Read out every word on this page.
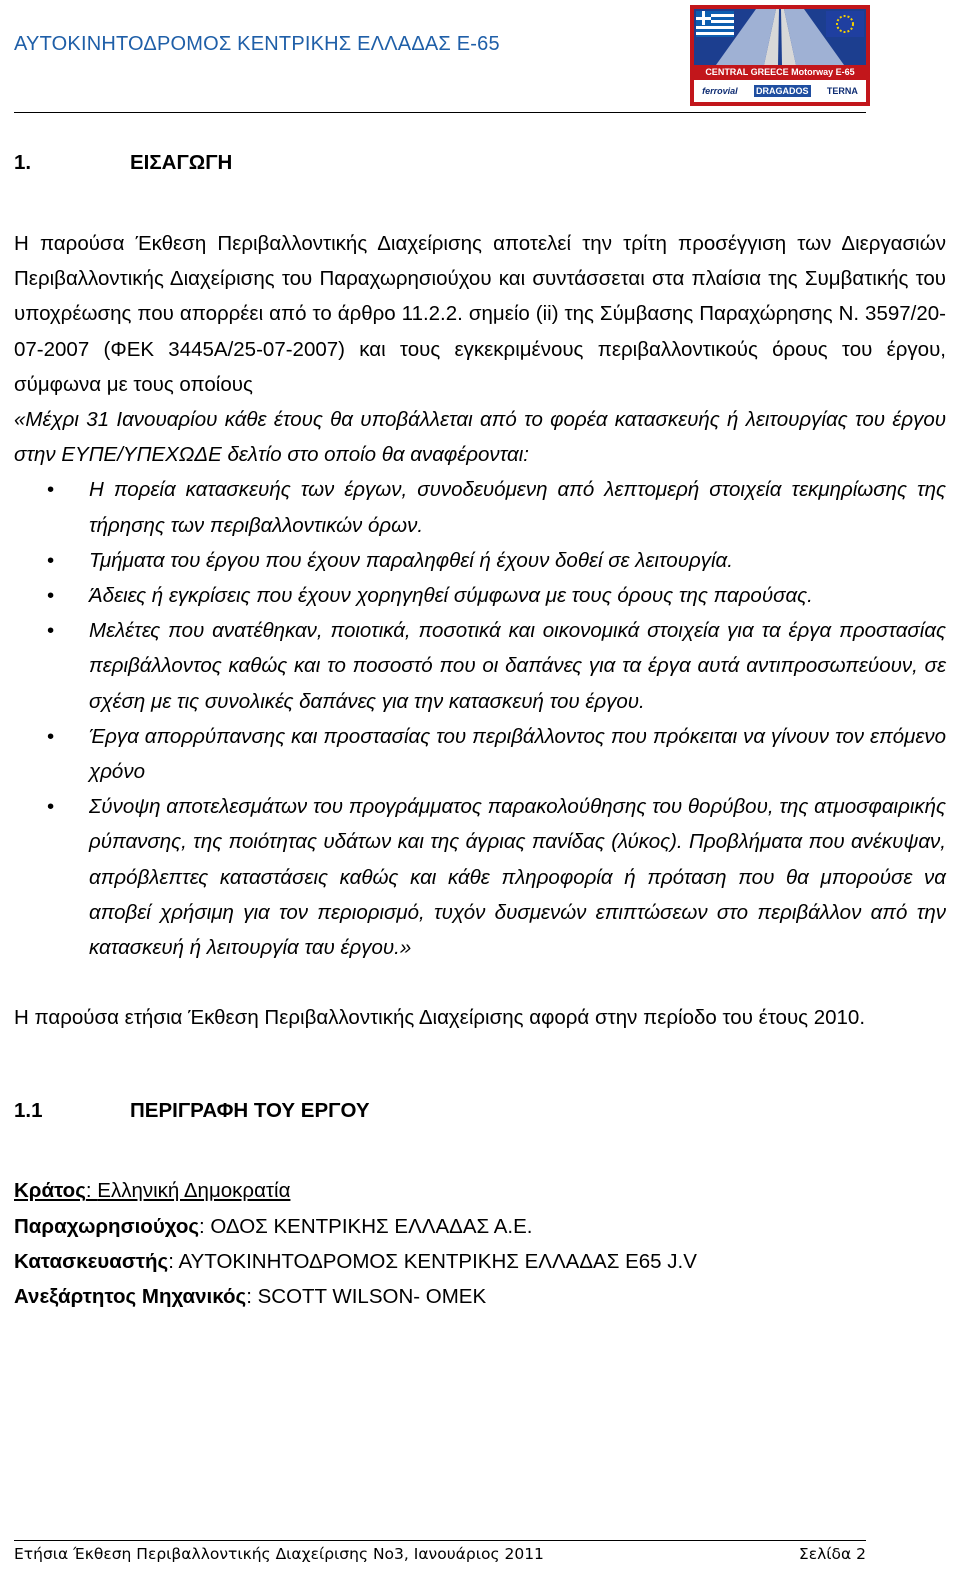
ΑΥΤΟΚΙΝΗΤΟΔΡΟΜΟΣ ΚΕΝΤΡΙΚΗΣ ΕΛΛΑΔΑΣ Ε-65
CENTRAL GREECE Motorway E-65
ferrovial DRAGADOS TERNA
1.	ΕΙΣΑΓΩΓΗ

Η παρούσα Έκθεση Περιβαλλοντικής Διαχείρισης αποτελεί την τρίτη προσέγγιση των Διεργασιών Περιβαλλοντικής Διαχείρισης του Παραχωρησιούχου και συντάσσεται στα πλαίσια της Συμβατικής του υποχρέωσης που απορρέει από το άρθρο 11.2.2. σημείο (ii) της Σύμβασης Παραχώρησης Ν. 3597/20-07-2007 (ΦΕΚ 3445Α/25-07-2007) και τους εγκεκριμένους περιβαλλοντικούς όρους του έργου, σύμφωνα με τους οποίους

«Μέχρι 31 Ιανουαρίου κάθε έτους θα υποβάλλεται από το φορέα κατασκευής ή λειτουργίας του έργου στην ΕΥΠΕ/ΥΠΕΧΩΔΕ δελτίο στο οποίο θα αναφέρονται:

• Η πορεία κατασκευής των έργων, συνοδευόμενη από λεπτομερή στοιχεία τεκμηρίωσης της τήρησης των περιβαλλοντικών όρων.
• Τμήματα του έργου που έχουν παραληφθεί ή έχουν δοθεί σε λειτουργία.
• Άδειες ή εγκρίσεις που έχουν χορηγηθεί σύμφωνα με τους όρους της παρούσας.
• Μελέτες που ανατέθηκαν, ποιοτικά, ποσοτικά και οικονομικά στοιχεία για τα έργα προστασίας περιβάλλοντος καθώς και το ποσοστό που οι δαπάνες για τα έργα αυτά αντιπροσωπεύουν, σε σχέση με τις συνολικές δαπάνες για την κατασκευή του έργου.
• Έργα απορρύπανσης και προστασίας του περιβάλλοντος που πρόκειται να γίνουν τον επόμενο χρόνο
• Σύνοψη αποτελεσμάτων του προγράμματος παρακολούθησης του θορύβου, της ατμοσφαιρικής ρύπανσης, της ποιότητας υδάτων και της άγριας πανίδας (λύκος). Προβλήματα που ανέκυψαν, απρόβλεπτες καταστάσεις καθώς και κάθε πληροφορία ή πρόταση που θα μπορούσε να αποβεί χρήσιμη για τον περιορισμό, τυχόν δυσμενών επιπτώσεων στο περιβάλλον από την κατασκευή ή λειτουργία ταυ έργου.»

Η παρούσα ετήσια Έκθεση Περιβαλλοντικής Διαχείρισης αφορά στην περίοδο του έτους 2010.

1.1	ΠΕΡΙΓΡΑΦΗ ΤΟΥ ΕΡΓΟΥ

Κράτος: Ελληνική Δημοκρατία

Παραχωρησιούχος: ΟΔΟΣ ΚΕΝΤΡΙΚΗΣ ΕΛΛΑΔΑΣ Α.Ε.

Κατασκευαστής: ΑΥΤΟΚΙΝΗΤΟΔΡΟΜΟΣ ΚΕΝΤΡΙΚΗΣ ΕΛΛΑΔΑΣ Ε65 J.V

Ανεξάρτητος Μηχανικός: SCOTT WILSON- OMEK

Ετήσια Έκθεση Περιβαλλοντικής Διαχείρισης Νο3, Ιανουάριος 2011	Σελίδα 2
